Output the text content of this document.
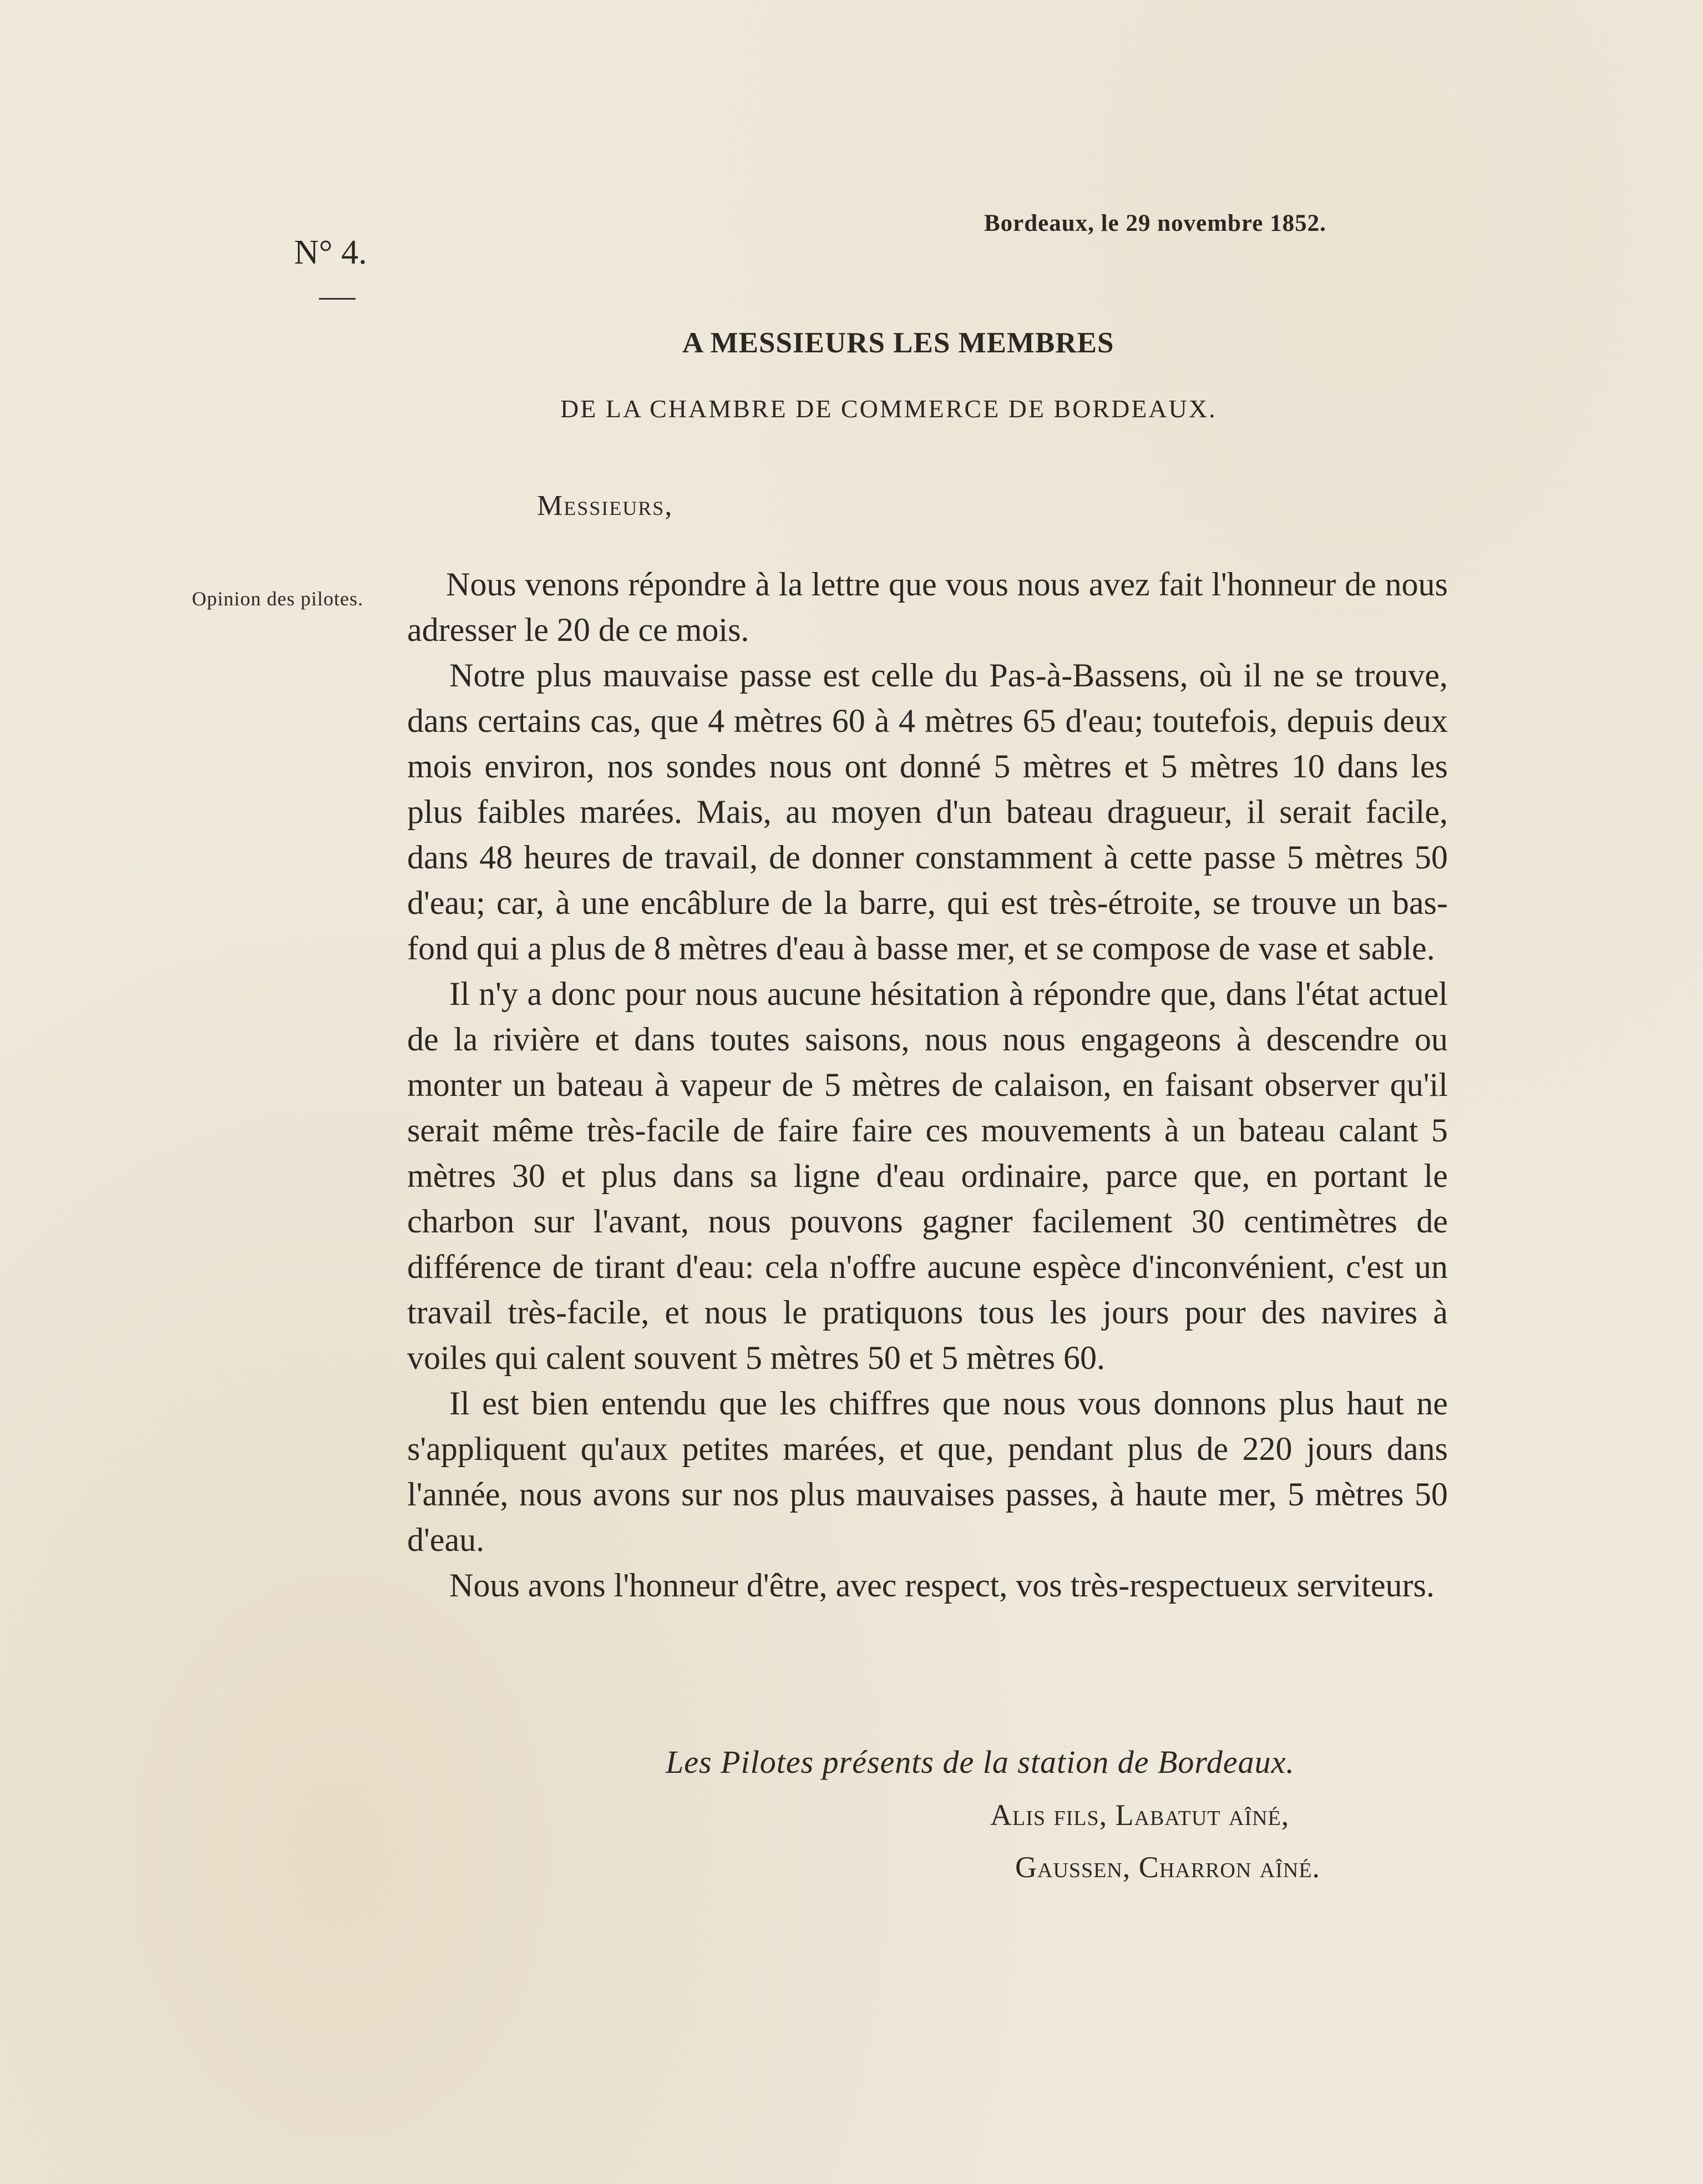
Bordeaux, le 29 novembre 1852.
N° 4.
A MESSIEURS LES MEMBRES
DE LA CHAMBRE DE COMMERCE DE BORDEAUX.
Messieurs,
Opinion des pilotes.	Nous venons répondre à la lettre que vous nous avez fait l'honneur de nous adresser le 20 de ce mois.

Notre plus mauvaise passe est celle du Pas-à-Bassens, où il ne se trouve, dans certains cas, que 4 mètres 60 à 4 mètres 65 d'eau; toutefois, depuis deux mois environ, nos sondes nous ont donné 5 mètres et 5 mètres 10 dans les plus faibles marées. Mais, au moyen d'un bateau dragueur, il serait facile, dans 48 heures de travail, de donner constamment à cette passe 5 mètres 50 d'eau; car, à une encâblure de la barre, qui est très-étroite, se trouve un bas-fond qui a plus de 8 mètres d'eau à basse mer, et se compose de vase et sable.

Il n'y a donc pour nous aucune hésitation à répondre que, dans l'état actuel de la rivière et dans toutes saisons, nous nous engageons à descendre ou monter un bateau à vapeur de 5 mètres de calaison, en faisant observer qu'il serait même très-facile de faire faire ces mouvements à un bateau calant 5 mètres 30 et plus dans sa ligne d'eau ordinaire, parce que, en portant le charbon sur l'avant, nous pouvons gagner facilement 30 centimètres de différence de tirant d'eau: cela n'offre aucune espèce d'inconvénient, c'est un travail très-facile, et nous le pratiquons tous les jours pour des navires à voiles qui calent souvent 5 mètres 50 et 5 mètres 60.

Il est bien entendu que les chiffres que nous vous donnons plus haut ne s'appliquent qu'aux petites marées, et que, pendant plus de 220 jours dans l'année, nous avons sur nos plus mauvaises passes, à haute mer, 5 mètres 50 d'eau.

Nous avons l'honneur d'être, avec respect, vos très-respectueux serviteurs.

Les Pilotes présents de la station de Bordeaux.
Alis fils, Labatut aîné,
Gaussen, Charron aîné.
